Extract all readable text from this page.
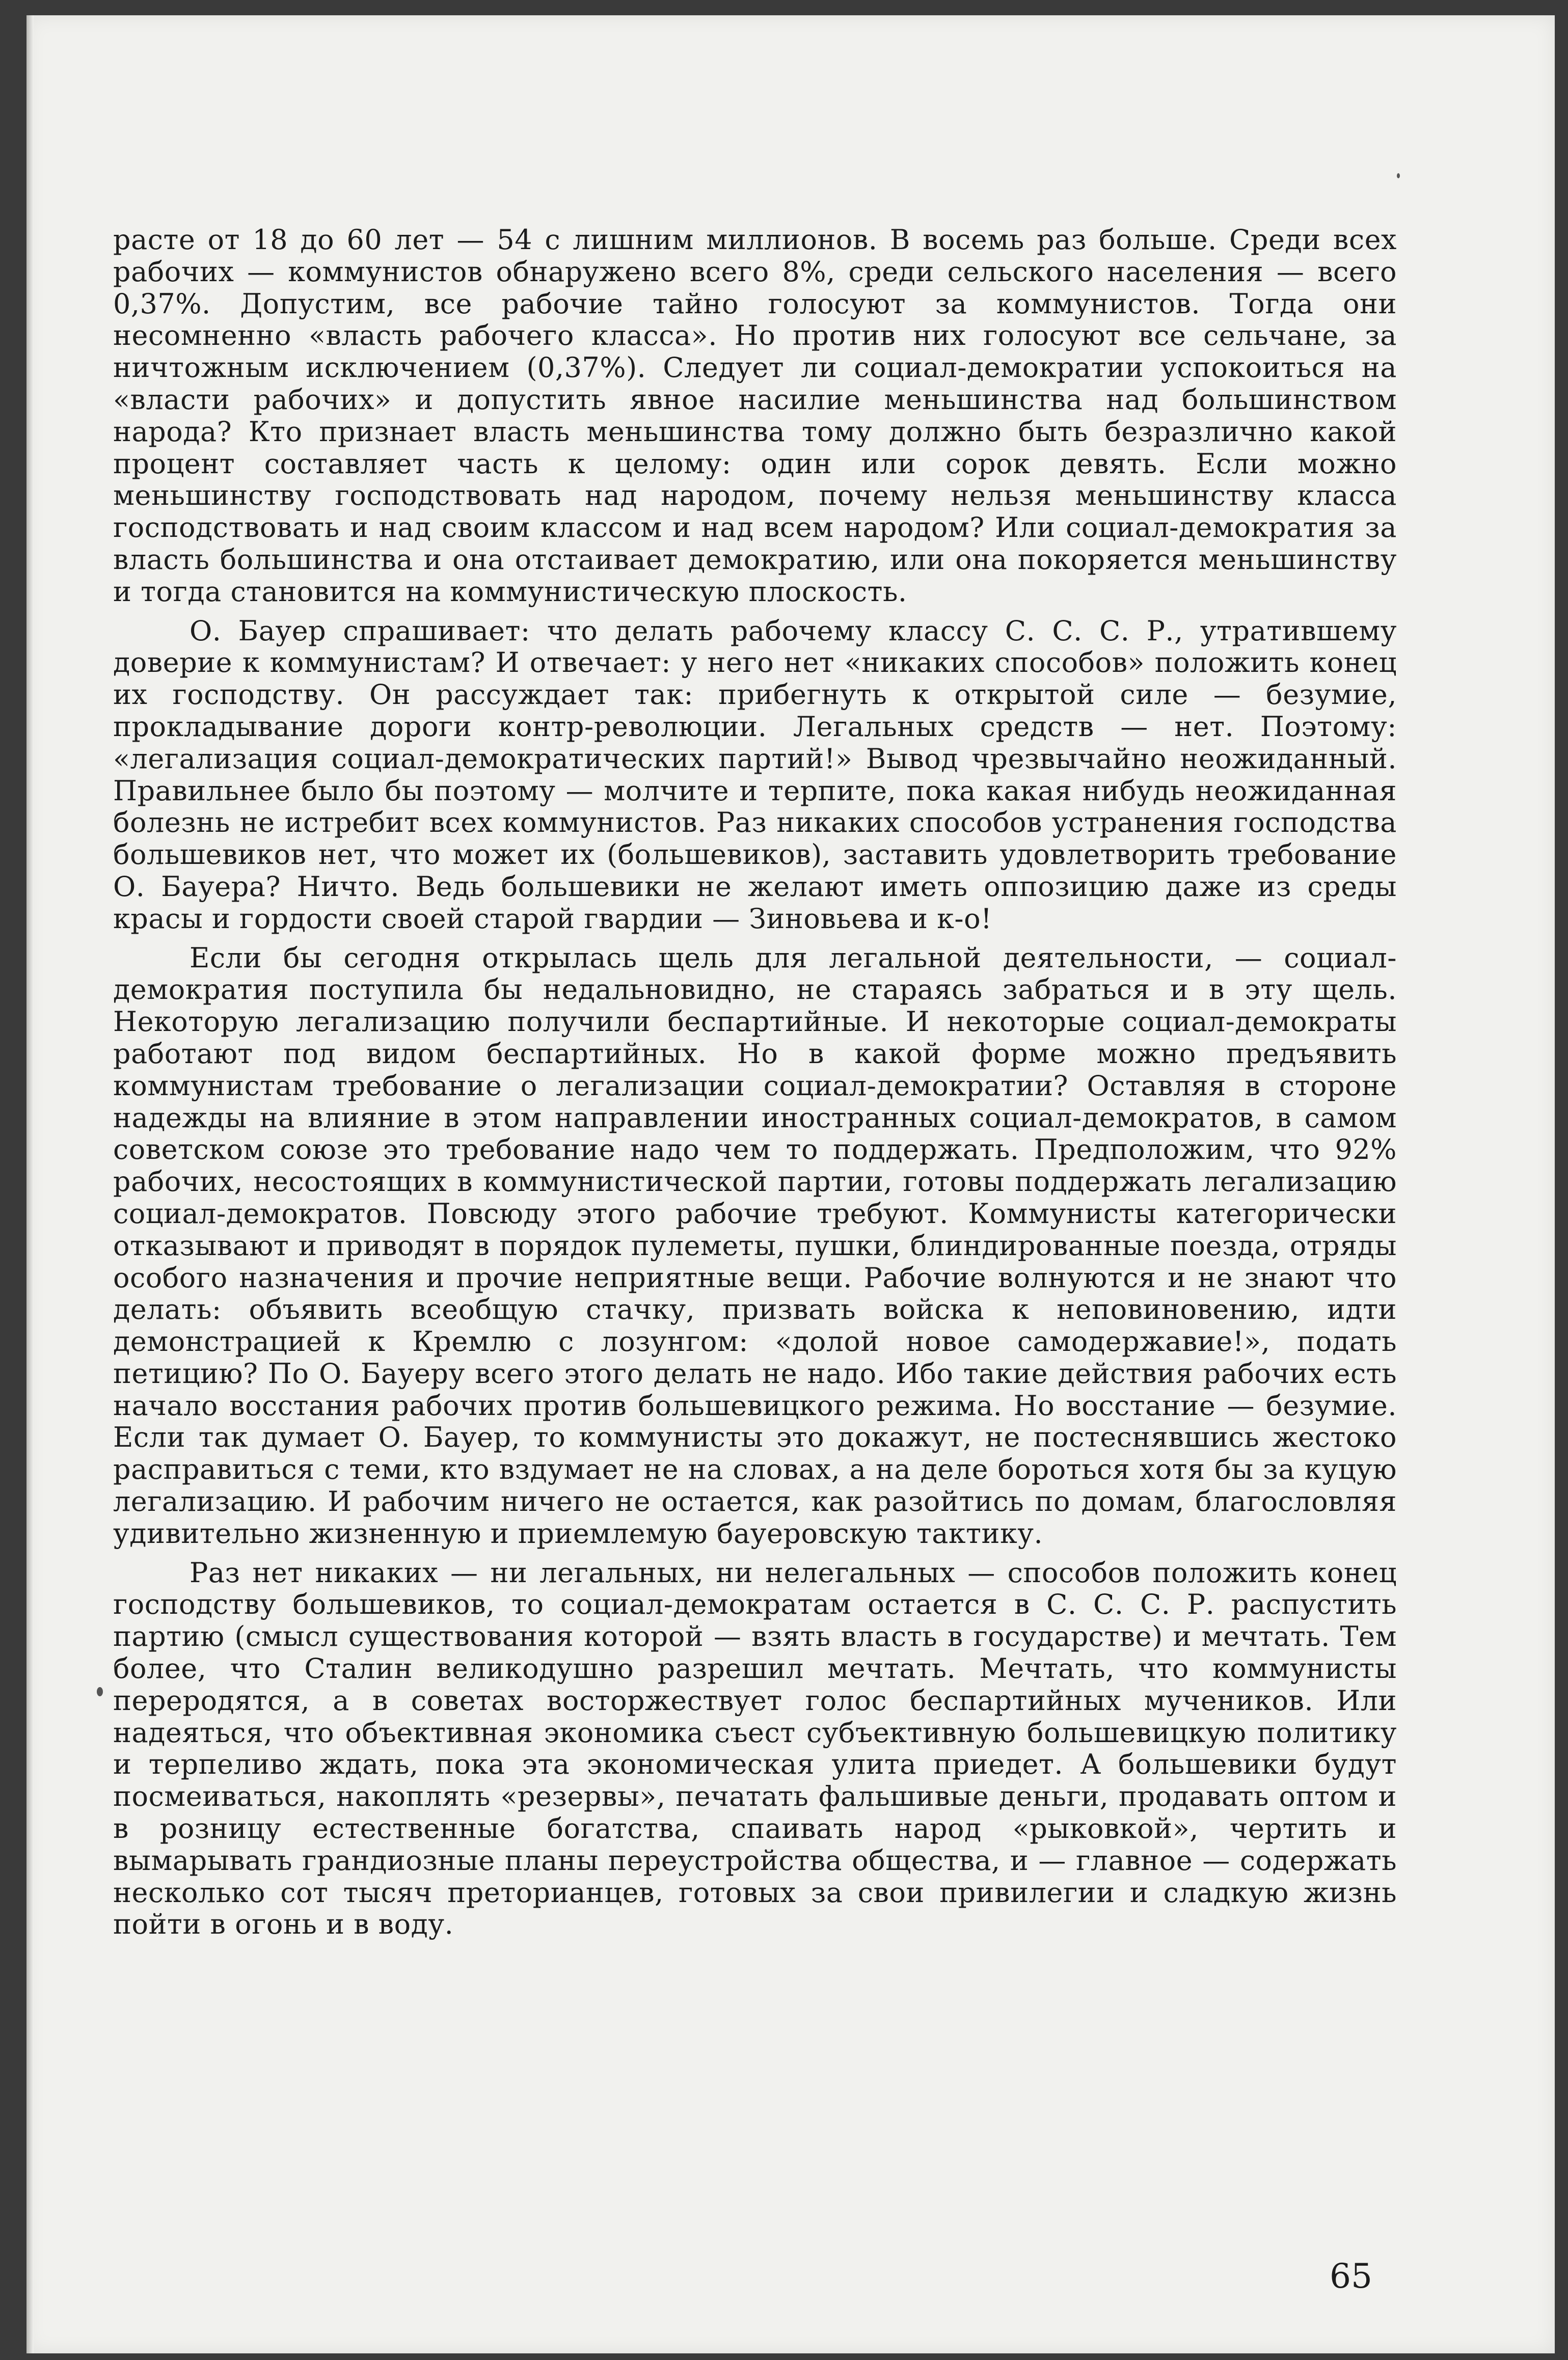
расте от 18 до 60 лет — 54 с лишним миллионов. В восемь раз больше. Среди всех рабочих — коммунистов обнаружено всего 8%, среди сельского населения — всего 0,37%. Допустим, все рабочие тайно голосуют за коммунистов. Тогда они несомненно «власть рабочего класса». Но против них голосуют все сельчане, за ничтожным исключением (0,37%). Следует ли социал-демократии успокоиться на «власти рабочих» и допустить явное насилие меньшинства над большинством народа? Кто признает власть меньшинства тому должно быть безразлично какой процент составляет часть к целому: один или сорок девять. Если можно меньшинству господствовать над народом, почему нельзя меньшинству класса господствовать и над своим классом и над всем народом? Или социал-демократия за власть большинства и она отстаивает демократию, или она покоряется меньшинству и тогда становится на коммунистическую плоскость.

О. Бауер спрашивает: что делать рабочему классу С. С. С. Р., утратившему доверие к коммунистам? И отвечает: у него нет «никаких способов» положить конец их господству. Он рассуждает так: прибегнуть к открытой силе — безумие, прокладывание дороги контр-революции. Легальных средств — нет. Поэтому: «легализация социал-демократических партий!» Вывод чрезвычайно неожиданный. Правильнее было бы поэтому — молчите и терпите, пока какая нибудь неожиданная болезнь не истребит всех коммунистов. Раз никаких способов устранения господства большевиков нет, что может их (большевиков), заставить удовлетворить требование О. Бауера? Ничто. Ведь большевики не желают иметь оппозицию даже из среды красы и гордости своей старой гвардии — Зиновьева и к-о!

Если бы сегодня открылась щель для легальной деятельности, — социал-демократия поступила бы недальновидно, не стараясь забраться и в эту щель. Некоторую легализацию получили беспартийные. И некоторые социал-демократы работают под видом беспартийных. Но в какой форме можно предъявить коммунистам требование о легализации социал-демократии? Оставляя в стороне надежды на влияние в этом направлении иностранных социал-демократов, в самом советском союзе это требование надо чем то поддержать. Предположим, что 92% рабочих, несостоящих в коммунистической партии, готовы поддержать легализацию социал-демократов. Повсюду этого рабочие требуют. Коммунисты категорически отказывают и приводят в порядок пулеметы, пушки, блиндированные поезда, отряды особого назначения и прочие неприятные вещи. Рабочие волнуются и не знают что делать: объявить всеобщую стачку, призвать войска к неповиновению, идти демонстрацией к Кремлю с лозунгом: «долой новое самодержавие!», подать петицию? По О. Бауеру всего этого делать не надо. Ибо такие действия рабочих есть начало восстания рабочих против большевицкого режима. Но восстание — безумие. Если так думает О. Бауер, то коммунисты это докажут, не постеснявшись жестоко расправиться с теми, кто вздумает не на словах, а на деле бороться хотя бы за куцую легализацию. И рабочим ничего не остается, как разойтись по домам, благословляя удивительно жизненную и приемлемую бауеровскую тактику.

Раз нет никаких — ни легальных, ни нелегальных — способов положить конец господству большевиков, то социал-демократам остается в С. С. С. Р. распустить партию (смысл существования которой — взять власть в государстве) и мечтать. Тем более, что Сталин великодушно разрешил мечтать. Мечтать, что коммунисты переродятся, а в советах восторжествует голос беспартийных мучеников. Или надеяться, что объективная экономика съест субъективную большевицкую политику и терпеливо ждать, пока эта экономическая улита приедет. А большевики будут посмеиваться, накоплять «резервы», печатать фальшивые деньги, продавать оптом и в розницу естественные богатства, спаивать народ «рыковкой», чертить и вымарывать грандиозные планы переустройства общества, и — главное — содержать несколько сот тысяч преторианцев, готовых за свои привилегии и сладкую жизнь пойти в огонь и в воду.

65
